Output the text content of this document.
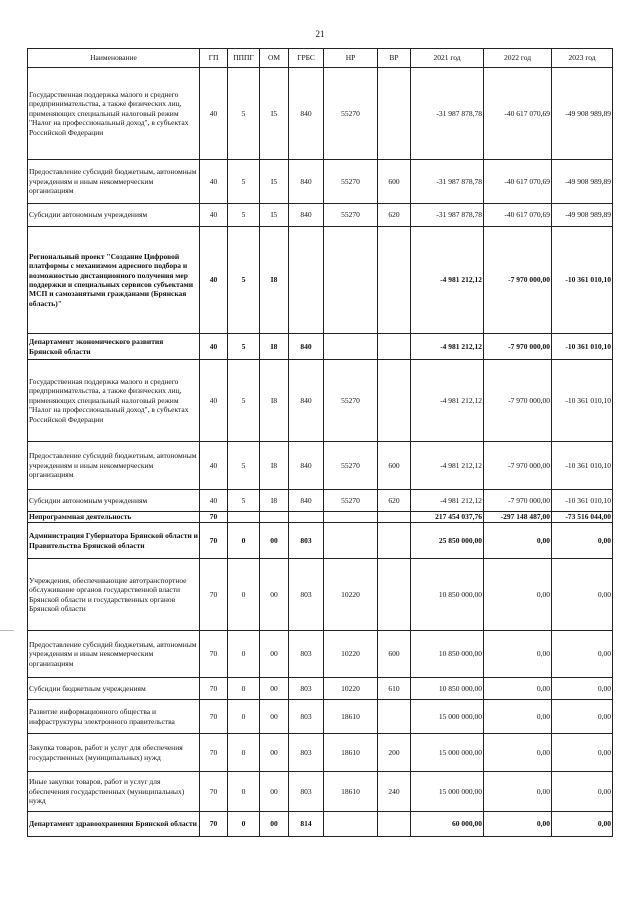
21
Наименование	ГП	ПППГ	ОМ	ГРБС	НР	ВР	2021 год	2022 год	2023 год
Государственная поддержка малого и среднего предпринимательства, а также физических лиц, применяющих специальный налоговый режим "Налог на профессиональный доход", в субъектах Российской Федерации	40	5	I5	840	55270		-31 987 878,78	-40 617 070,69	-49 908 989,89
Предоставление субсидий бюджетным, автономным учреждениям и иным некоммерческим организациям	40	5	I5	840	55270	600	-31 987 878,78	-40 617 070,69	-49 908 989,89
Субсидии автономным учреждениям	40	5	I5	840	55270	620	-31 987 878,78	-40 617 070,69	-49 908 989,89
Региональный проект "Создание Цифровой платформы с механизмом адресного подбора и возможностью дистанционного получения мер поддержки и специальных сервисов субъектами МСП и самозанятыми гражданами (Брянская область)"	40	5	I8				-4 981 212,12	-7 970 000,00	-10 361 010,10
Департамент экономического развития Брянской области	40	5	I8	840			-4 981 212,12	-7 970 000,00	-10 361 010,10
Государственная поддержка малого и среднего предпринимательства, а также физических лиц, применяющих специальный налоговый режим "Налог на профессиональный доход", в субъектах Российской Федерации	40	5	I8	840	55270		-4 981 212,12	-7 970 000,00	-10 361 010,10
Предоставление субсидий бюджетным, автономным учреждениям и иным некоммерческим организациям	40	5	I8	840	55270	600	-4 981 212,12	-7 970 000,00	-10 361 010,10
Субсидии автономным учреждениям	40	5	I8	840	55270	620	-4 981 212,12	-7 970 000,00	-10 361 010,10
Непрограммная деятельность	70						217 454 037,76	-297 148 487,00	-73 516 044,00
Администрация Губернатора Брянской области и Правительства Брянской области	70	0	00	803			25 850 000,00	0,00	0,00
Учреждения, обеспечивающие автотранспортное обслуживание органов государственной власти Брянской области и государственных органов Брянской области	70	0	00	803	10220		10 850 000,00	0,00	0,00
Предоставление субсидий бюджетным, автономным учреждениям и иным некоммерческим организациям	70	0	00	803	10220	600	10 850 000,00	0,00	0,00
Субсидии бюджетным учреждениям	70	0	00	803	10220	610	10 850 000,00	0,00	0,00
Развитие информационного общества и инфраструктуры электронного правительства	70	0	00	803	18610		15 000 000,00	0,00	0,00
Закупка товаров, работ и услуг для обеспечения государственных (муниципальных) нужд	70	0	00	803	18610	200	15 000 000,00	0,00	0,00
Иные закупки товаров, работ и услуг для обеспечения государственных (муниципальных) нужд	70	0	00	803	18610	240	15 000 000,00	0,00	0,00
Департамент здравоохранения Брянской области	70	0	00	814			60 000,00	0,00	0,00
